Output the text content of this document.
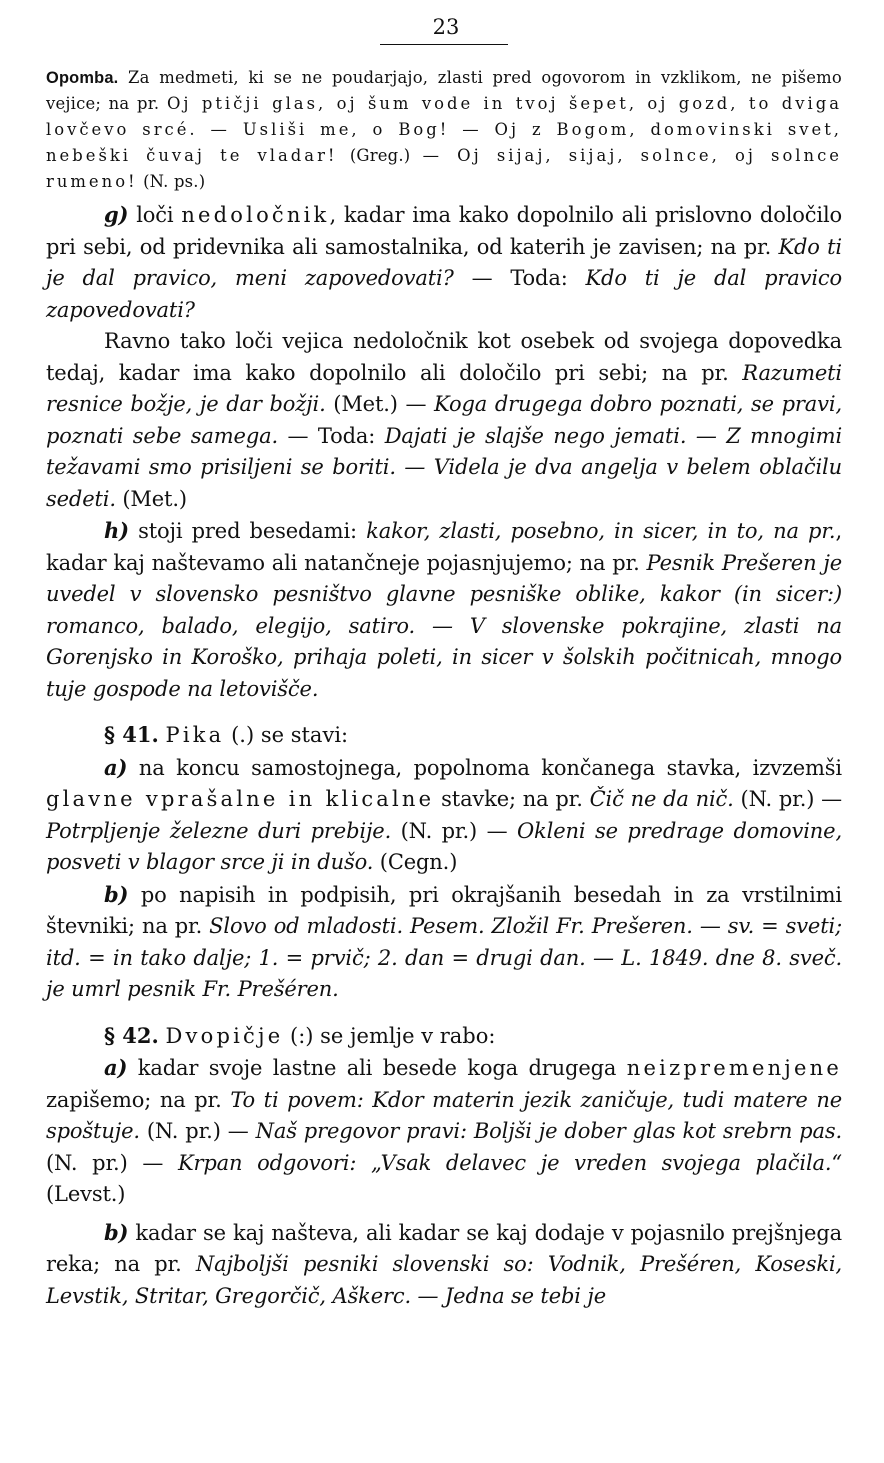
23

Opomba. Za medmeti, ki se ne poudarjajo, zlasti pred ogovorom in vzklikom, ne pišemo vejice; na pr. Oj ptičji glas, oj šum vode in tvoj šepet, oj gozd, to dviga lovčevo srcé. — Usliši me, o Bog! — Oj z Bogom, domovinski svet, nebeški čuvaj te vladar! (Greg.) — Oj sijaj, sijaj, solnce, oj solnce rumeno! (N. ps.)

g) loči nedoločnik, kadar ima kako dopolnilo ali prislovno določilo pri sebi, od pridevnika ali samostalnika, od katerih je zavisen; na pr. Kdo ti je dal pravico, meni zapovedovati? — Toda: Kdo ti je dal pravico zapovedovati?

Ravno tako loči vejica nedoločnik kot osebek od svojega dopovedka tedaj, kadar ima kako dopolnilo ali določilo pri sebi; na pr. Razumeti resnice božje, je dar božji. (Met.) — Koga drugega dobro poznati, se pravi, poznati sebe samega. — Toda: Dajati je slajše nego jemati. — Z mnogimi težavami smo prisiljeni se boriti. — Videla je dva angelja v belem oblačilu sedeti. (Met.)

h) stoji pred besedami: kakor, zlasti, posebno, in sicer, in to, na pr., kadar kaj naštevamo ali natančneje pojasnjujemo; na pr. Pesnik Prešeren je uvedel v slovensko pesništvo glavne pesniške oblike, kakor (in sicer:) romanco, balado, elegijo, satiro. — V slovenske pokrajine, zlasti na Gorenjsko in Koroško, prihaja poleti, in sicer v šolskih počitnicah, mnogo tuje gospode na letovišče.

§ 41. Pika (.) se stavi:

a) na koncu samostojnega, popolnoma končanega stavka, izvzemši glavne vprašalne in klicalne stavke; na pr. Čič ne da nič. (N. pr.) — Potrpljenje železne duri prebije. (N. pr.) — Okleni se predrage domovine, posveti v blagor srce ji in dušo. (Cegn.)

b) po napisih in podpisih, pri okrajšanih besedah in za vrstilnimi števniki; na pr. Slovo od mladosti. Pesem. Zložil Fr. Prešeren. — sv. = sveti; itd. = in tako dalje; 1. = prvič; 2. dan = drugi dan. — L. 1849. dne 8. sveč. je umrl pesnik Fr. Prešéren.

§ 42. Dvopičje (:) se jemlje v rabo:

a) kadar svoje lastne ali besede koga drugega neizpremenjene zapišemo; na pr. To ti povem: Kdor materin jezik zaničuje, tudi matere ne spoštuje. (N. pr.) — Naš pregovor pravi: Boljši je dober glas kot srebrn pas. (N. pr.) — Krpan odgovori: „Vsak delavec je vreden svojega plačila.“ (Levst.)

b) kadar se kaj našteva, ali kadar se kaj dodaje v pojasnilo prejšnjega reka; na pr. Najboljši pesniki slovenski so: Vodnik, Prešéren, Koseski, Levstik, Stritar, Gregorčič, Aškerc. — Jedna se tebi je
